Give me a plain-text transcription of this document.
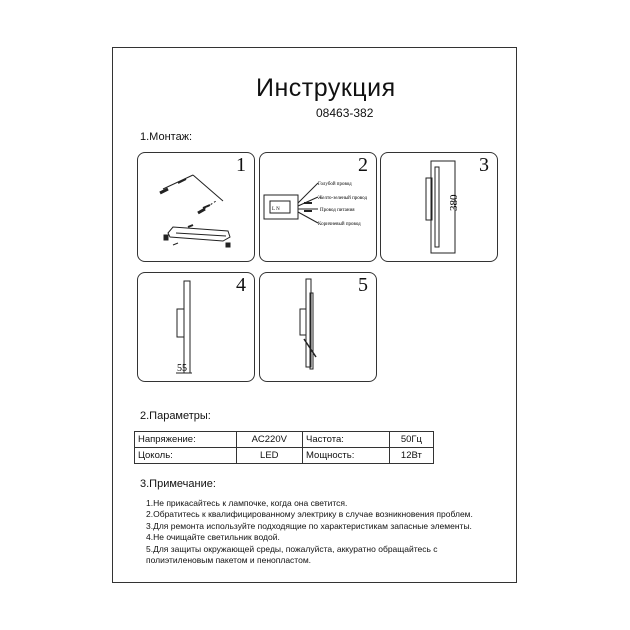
Инструкция
08463-382
1.Монтаж:
1	2
L N
Голубой провод
Желто-зеленый провод
Провод питания
Коричневый провод
3
380
4
55
5
2.Параметры:
Напряжение:	AC220V	Частота:	50Гц
Цоколь:	LED	Мощность:	12Вт
3.Примечание:
1.Не прикасайтесь к лампочке, когда она светится.
2.Обратитесь к квалифицированному электрику в случае возникновения проблем.
3.Для ремонта используйте подходящие по характеристикам запасные элементы.
4.Не очищайте светильник водой.
5.Для защиты окружающей среды, пожалуйста, аккуратно обращайтесь с
полиэтиленовым пакетом и пенопластом.
